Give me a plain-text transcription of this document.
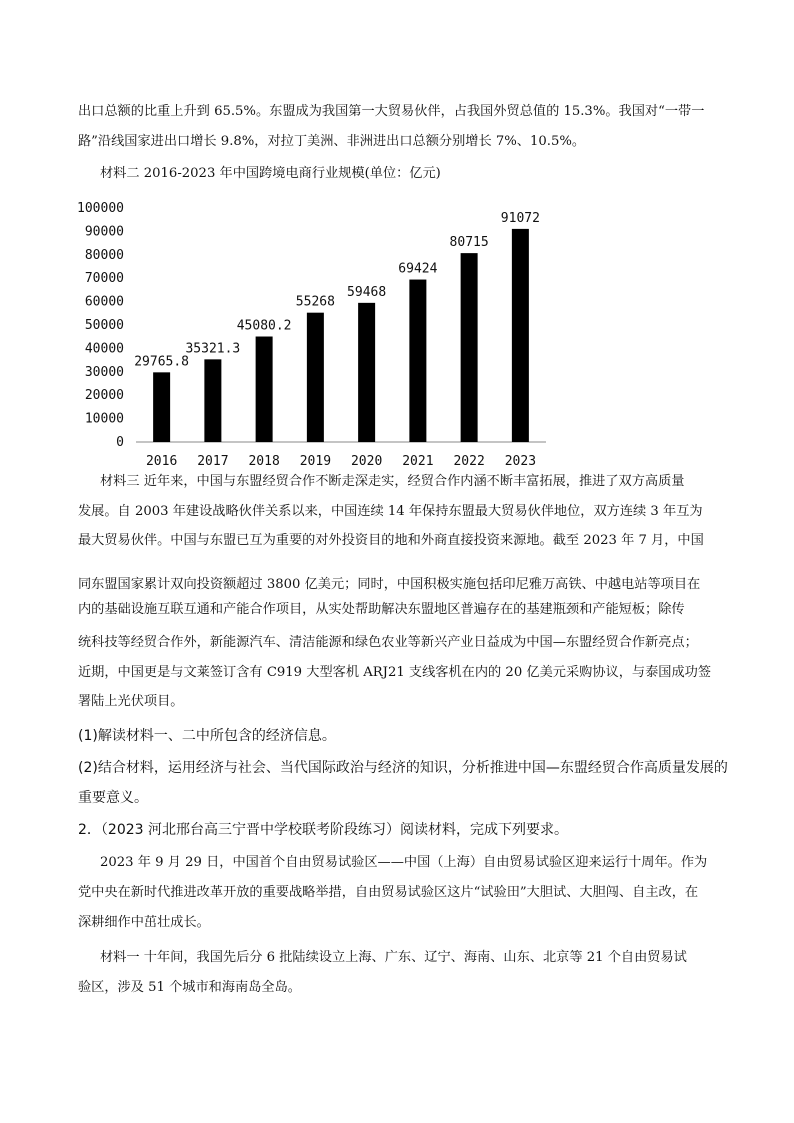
出口总额的比重上升到 65.5%。东盟成为我国第一大贸易伙伴，占我国外贸总值的 15.3%。我国对“一带一

路”沿线国家进出口增长 9.8%，对拉丁美洲、非洲进出口总额分别增长 7%、10.5%。

材料二 2016-2023 年中国跨境电商行业规模(单位：亿元)
0
10000
20000
30000
40000
50000
60000
70000
80000
90000
100000
29765.8
35321.3
45080.2
55268
59468
69424
80715
91072
2016 2017 2018 2019 2020 2021 2022 2023

材料三 近年来，中国与东盟经贸合作不断走深走实，经贸合作内涵不断丰富拓展，推进了双方高质量

发展。自 2003 年建设战略伙伴关系以来，中国连续 14 年保持东盟最大贸易伙伴地位，双方连续 3 年互为

最大贸易伙伴。中国与东盟已互为重要的对外投资目的地和外商直接投资来源地。截至 2023 年 7 月，中国

同东盟国家累计双向投资额超过 3800 亿美元；同时，中国积极实施包括印尼雅万高铁、中越电站等项目在

内的基础设施互联互通和产能合作项目，从实处帮助解决东盟地区普遍存在的基建瓶颈和产能短板；除传

统科技等经贸合作外，新能源汽车、清洁能源和绿色农业等新兴产业日益成为中国—东盟经贸合作新亮点；

近期，中国更是与文莱签订含有 C919 大型客机 ARJ21 支线客机在内的 20 亿美元采购协议，与泰国成功签

署陆上光伏项目。

(1)解读材料一、二中所包含的经济信息。

(2)结合材料，运用经济与社会、当代国际政治与经济的知识，分析推进中国—东盟经贸合作高质量发展的

重要意义。

2．（2023 河北邢台高三宁晋中学校联考阶段练习）阅读材料，完成下列要求。

2023 年 9 月 29 日，中国首个自由贸易试验区——中国（上海）自由贸易试验区迎来运行十周年。作为

党中央在新时代推进改革开放的重要战略举措，自由贸易试验区这片“试验田”大胆试、大胆闯、自主改，在

深耕细作中茁壮成长。

材料一 十年间，我国先后分 6 批陆续设立上海、广东、辽宁、海南、山东、北京等 21 个自由贸易试

验区，涉及 51 个城市和海南岛全岛。
